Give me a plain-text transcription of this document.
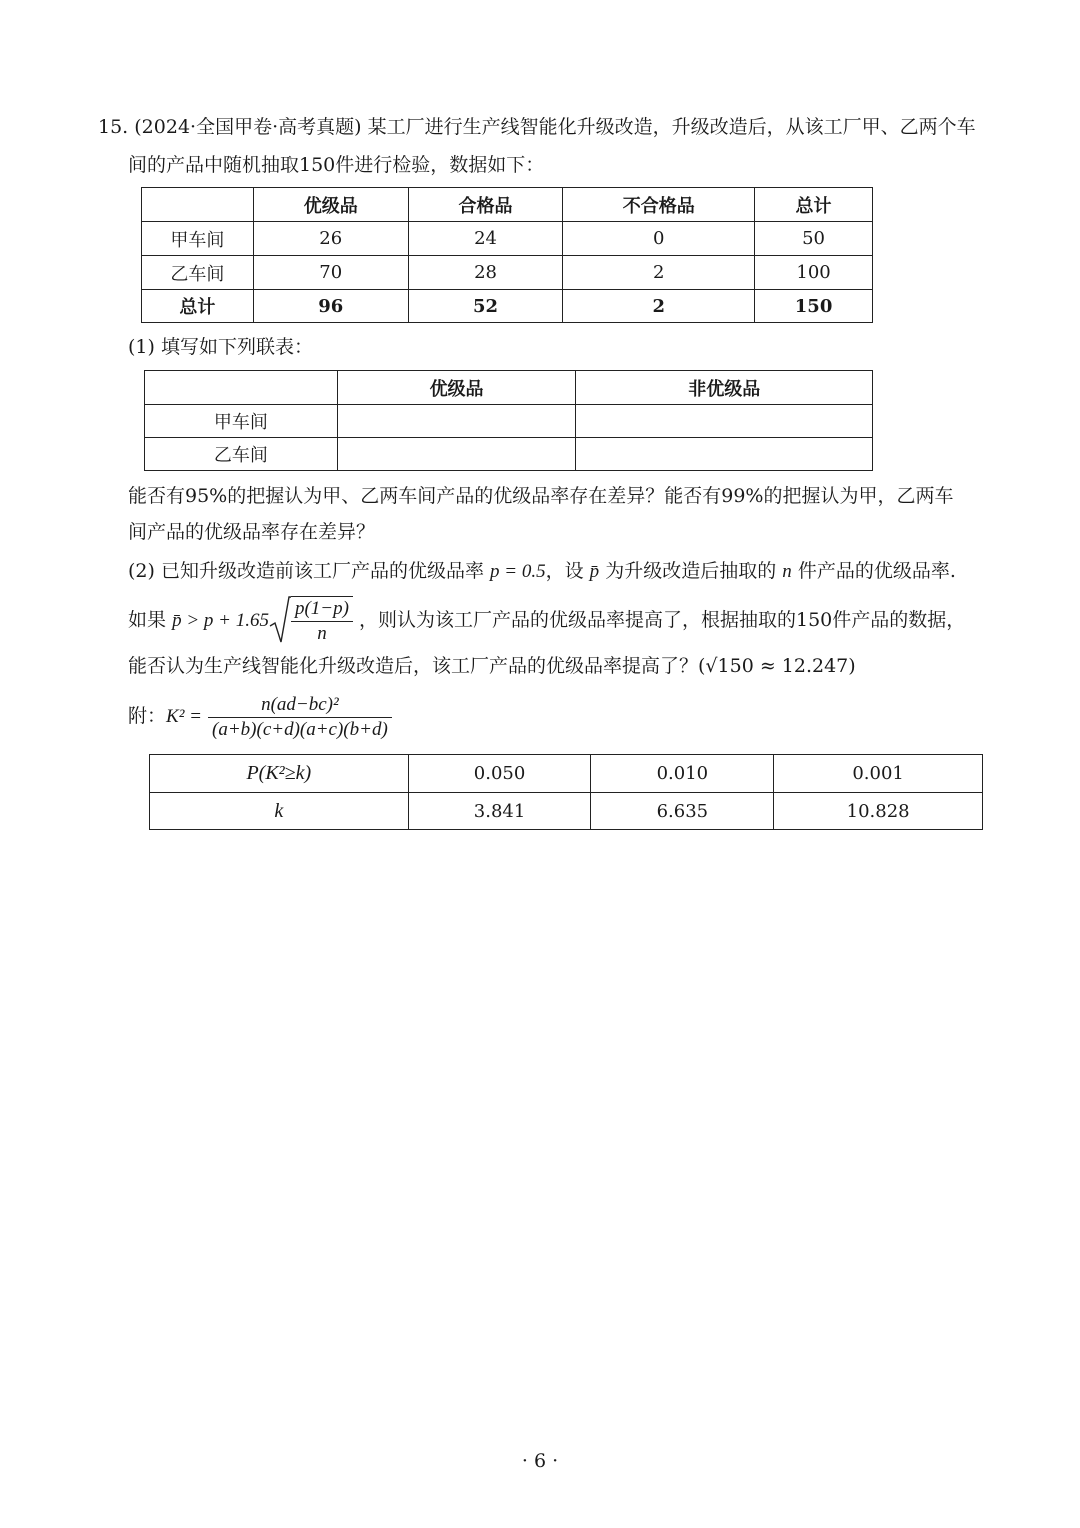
15. (2024·全国甲卷·高考真题) 某工厂进行生产线智能化升级改造，升级改造后，从该工厂甲、乙两个车
间的产品中随机抽取150件进行检验，数据如下：
	优级品	合格品	不合格品	总计
甲车间	26	24	0	50
乙车间	70	28	2	100
总计	96	52	2	150
(1) 填写如下列联表：
	优级品	非优级品
甲车间		
乙车间		
能否有95%的把握认为甲、乙两车间产品的优级品率存在差异？能否有99%的把握认为甲，乙两车
间产品的优级品率存在差异？
(2) 已知升级改造前该工厂产品的优级品率 p = 0.5，设 p̄ 为升级改造后抽取的 n 件产品的优级品率.
如果 p̄ > $p + 1.65 \frac{p(1-p)}{n}$ ，则认为该工厂产品的优级品率提高了，根据抽取的150件产品的数据，
能否认为生产线智能化升级改造后，该工厂产品的优级品率提高了？(√150 ≈ 12.247)
附：$K^2 = \frac{\text{n(ad−bc)²}}{(a+b)(c+d)(a+c)(b+d)}$
P(K²≥k)	0.050	0.010	0.001
k	3.841	6.635	10.828
· 6 ·
